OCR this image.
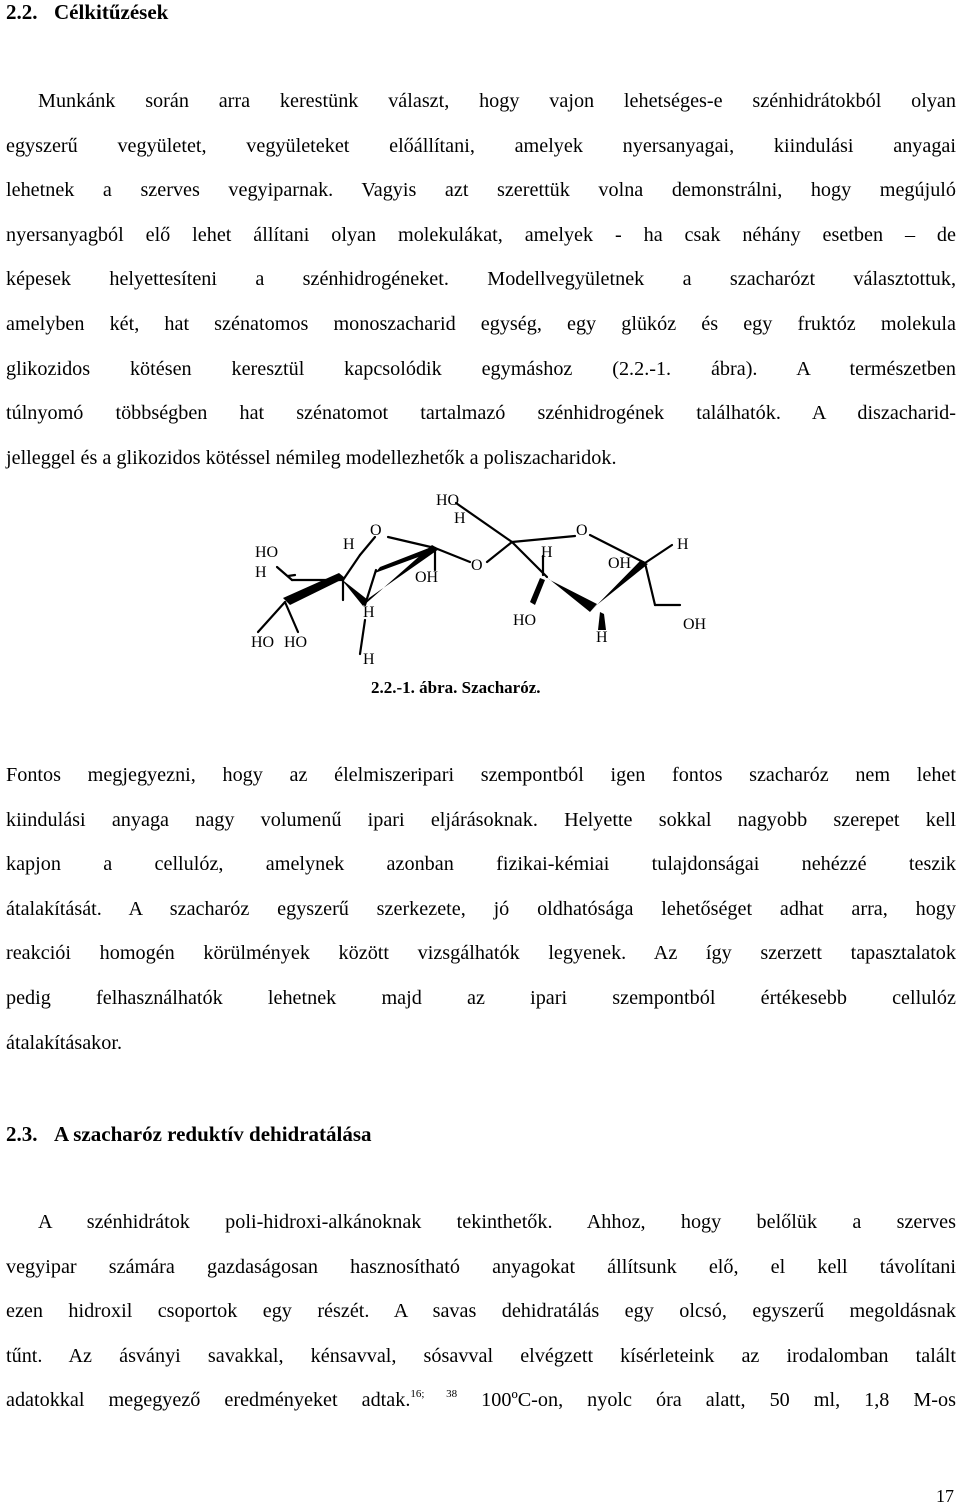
2.2. Célkitűzések
Munkánk során arra kerestünk választ, hogy vajon lehetséges-e szénhidrátokból olyan
egyszerű vegyületet, vegyületeket előállítani, amelyek nyersanyagai, kiindulási anyagai
lehetnek a szerves vegyiparnak. Vagyis azt szerettük volna demonstrálni, hogy megújuló
nyersanyagból elő lehet állítani olyan molekulákat, amelyek - ha csak néhány esetben – de
képesek helyettesíteni a szénhidrogéneket. Modellvegyületnek a szacharózt választottuk,
amelyben két, hat szénatomos monoszacharid egység, egy glükóz és egy fruktóz molekula
glikozidos kötésen keresztül kapcsolódik egymáshoz (2.2.-1. ábra). A természetben
túlnyomó többségben hat szénatomot tartalmazó szénhidrogének találhatók. A diszacharid-
jelleggel és a glikozidos kötéssel némileg modellezhetők a poliszacharidok.
HO
H
O
H
HO
H	OH
O
O
H
OH
H
H
H
HO
H
OH
HO HO
2.2.-1. ábra. Szacharóz.
Fontos megjegyezni, hogy az élelmiszeripari szempontból igen fontos szacharóz nem lehet
kiindulási anyaga nagy volumenű ipari eljárásoknak. Helyette sokkal nagyobb szerepet kell
kapjon a cellulóz, amelynek azonban fizikai-kémiai tulajdonságai nehézzé teszik
átalakítását. A szacharóz egyszerű szerkezete, jó oldhatósága lehetőséget adhat arra, hogy
reakciói homogén körülmények között vizsgálhatók legyenek. Az így szerzett tapasztalatok
pedig felhasználhatók lehetnek majd az ipari szempontból értékesebb cellulóz
átalakításakor.
2.3. A szacharóz reduktív dehidratálása
A szénhidrátok poli-hidroxi-alkánoknak tekinthetők. Ahhoz, hogy belőlük a szerves
vegyipar számára gazdaságosan hasznosítható anyagokat állítsunk elő, el kell távolítani
ezen hidroxil csoportok egy részét. A savas dehidratálás egy olcsó, egyszerű megoldásnak
tűnt. Az ásványi savakkal, kénsavval, sósavval elvégzett kísérleteink az irodalomban talált
adatokkal megegyező eredményeket adtak.$^{16; 38}$ 100ºC-on, nyolc óra alatt, 50 ml, 1,8 M-os
17
